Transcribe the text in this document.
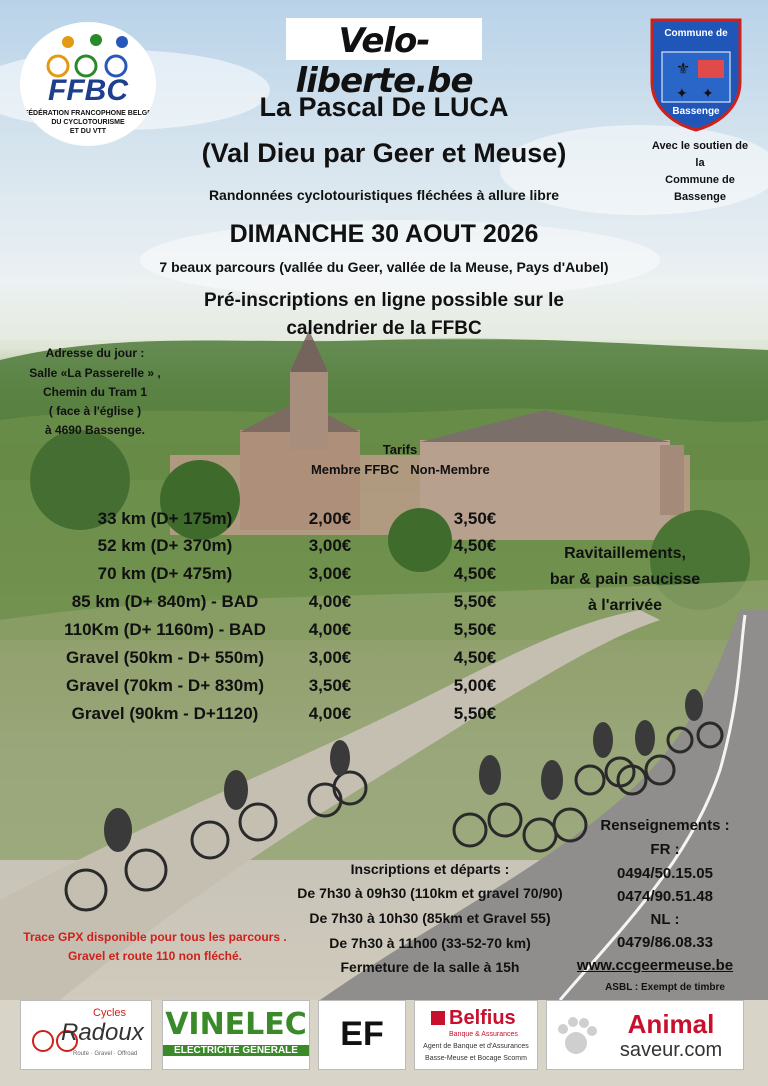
FFBC
FÉDÉRATION FRANCOPHONE BELGE
DU CYCLOTOURISME
ET DU VTT
Velo-liberte.be	⚜
✦ ✦
Commune de
Bassenge
Avec le soutien de
la
Commune de
Bassenge
La Pascal De LUCA
(Val Dieu par Geer et Meuse)
Randonnées cyclotouristiques fléchées à allure libre
DIMANCHE 30 AOUT 2026
7 beaux parcours (vallée du Geer, vallée de la Meuse, Pays d'Aubel)
Pré-inscriptions en ligne possible sur le
calendrier de la FFBC
Adresse du jour :
Salle «La Passerelle » ,
Chemin du Tram 1
( face à l'église )
à 4690 Bassenge.
Tarifs
Membre FFBC Non-Membre
33 km (D+ 175m)	2,00€	3,50€
52 km (D+ 370m)	3,00€	4,50€
70 km (D+ 475m)	3,00€	4,50€
85 km (D+ 840m) - BAD	4,00€	5,50€
110Km (D+ 1160m) - BAD	4,00€	5,50€
Gravel (50km - D+ 550m)	3,00€	4,50€
Gravel (70km - D+ 830m)	3,50€	5,00€
Gravel (90km - D+1120)	4,00€	5,50€
Ravitaillements,
bar & pain saucisse
à l'arrivée
Renseignements :
FR :
0494/50.15.05
0474/90.51.48
NL :
0479/86.08.33
www.ccgeermeuse.be
ASBL : Exempt de timbre
Inscriptions et départs :
De 7h30 à 09h30 (110km et gravel 70/90)
De 7h30 à 10h30 (85km et Gravel 55)
De 7h30 à 11h00 (33-52-70 km)
Fermeture de la salle à 15h
Trace GPX disponible pour tous les parcours .
Gravel et route 110 non fléché.
Cycles
Radoux
Route · Gravel · Offroad
VINELEC
ELECTRICITE GENERALE	EF	Belfius
Banque & Assurances
Agent de Banque et d'Assurances
Basse-Meuse et Bocage Scomm
Animal
saveur.com
